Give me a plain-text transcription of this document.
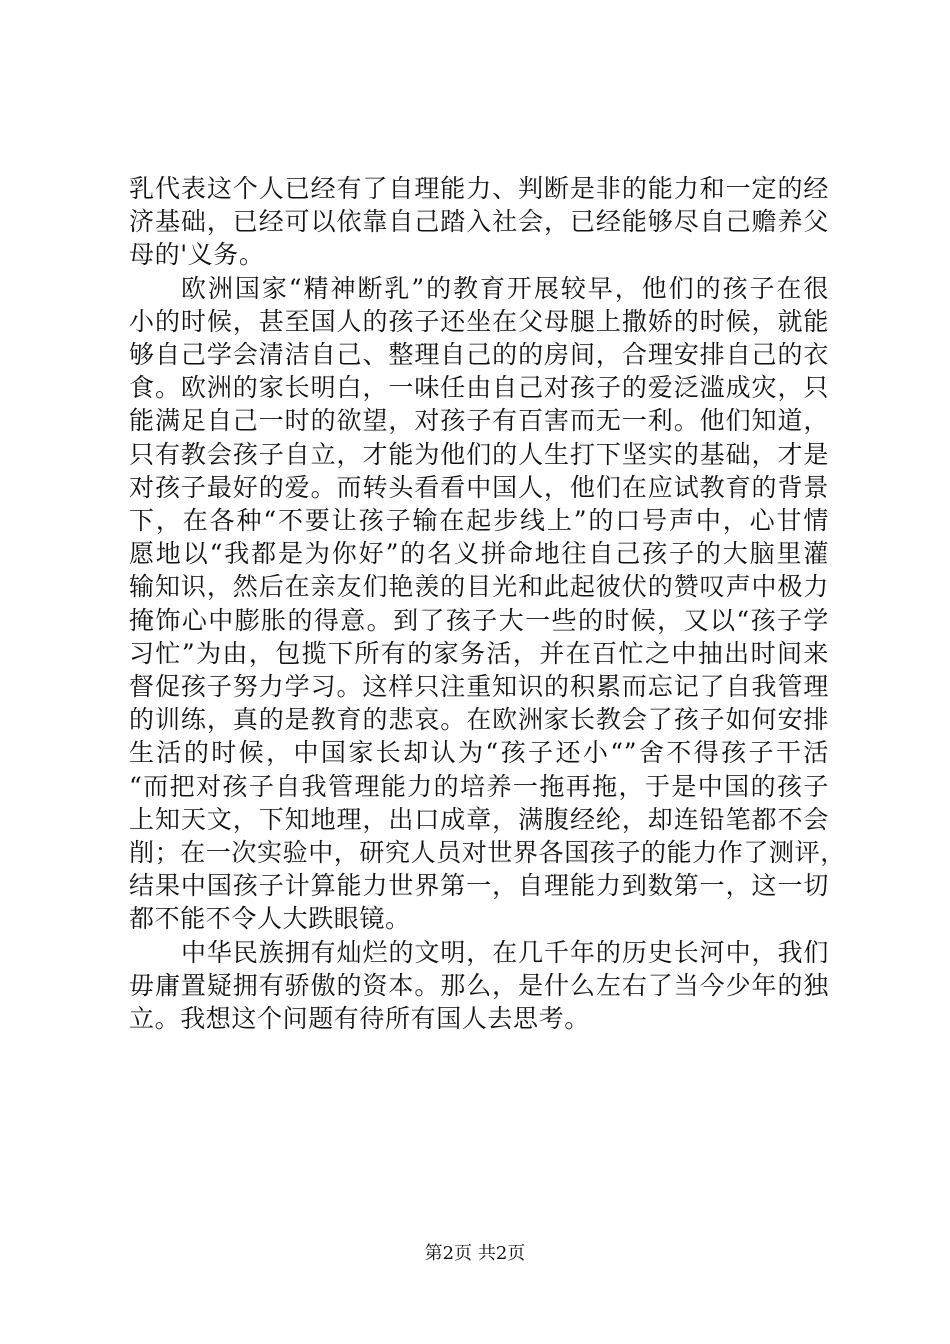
乳代表这个人已经有了自理能力、判断是非的能力和一定的经
济基础，已经可以依靠自己踏入社会，已经能够尽自己赡养父
母的'义务。
欧洲国家“精神断乳”的教育开展较早，他们的孩子在很
小的时候，甚至国人的孩子还坐在父母腿上撒娇的时候，就能
够自己学会清洁自己、整理自己的的房间，合理安排自己的衣
食。欧洲的家长明白，一味任由自己对孩子的爱泛滥成灾，只
能满足自己一时的欲望，对孩子有百害而无一利。他们知道，
只有教会孩子自立，才能为他们的人生打下坚实的基础，才是
对孩子最好的爱。而转头看看中国人，他们在应试教育的背景
下，在各种“不要让孩子输在起步线上”的口号声中，心甘情
愿地以“我都是为你好”的名义拼命地往自己孩子的大脑里灌
输知识，然后在亲友们艳羡的目光和此起彼伏的赞叹声中极力
掩饰心中膨胀的得意。到了孩子大一些的时候，又以“孩子学
习忙”为由，包揽下所有的家务活，并在百忙之中抽出时间来
督促孩子努力学习。这样只注重知识的积累而忘记了自我管理
的训练，真的是教育的悲哀。在欧洲家长教会了孩子如何安排
生活的时候，中国家长却认为“孩子还小“”舍不得孩子干活
“而把对孩子自我管理能力的培养一拖再拖，于是中国的孩子
上知天文，下知地理，出口成章，满腹经纶，却连铅笔都不会
削；在一次实验中，研究人员对世界各国孩子的能力作了测评，
结果中国孩子计算能力世界第一，自理能力到数第一，这一切
都不能不令人大跌眼镜。
中华民族拥有灿烂的文明，在几千年的历史长河中，我们
毋庸置疑拥有骄傲的资本。那么，是什么左右了当今少年的独
立。我想这个问题有待所有国人去思考。
第2页 共2页
